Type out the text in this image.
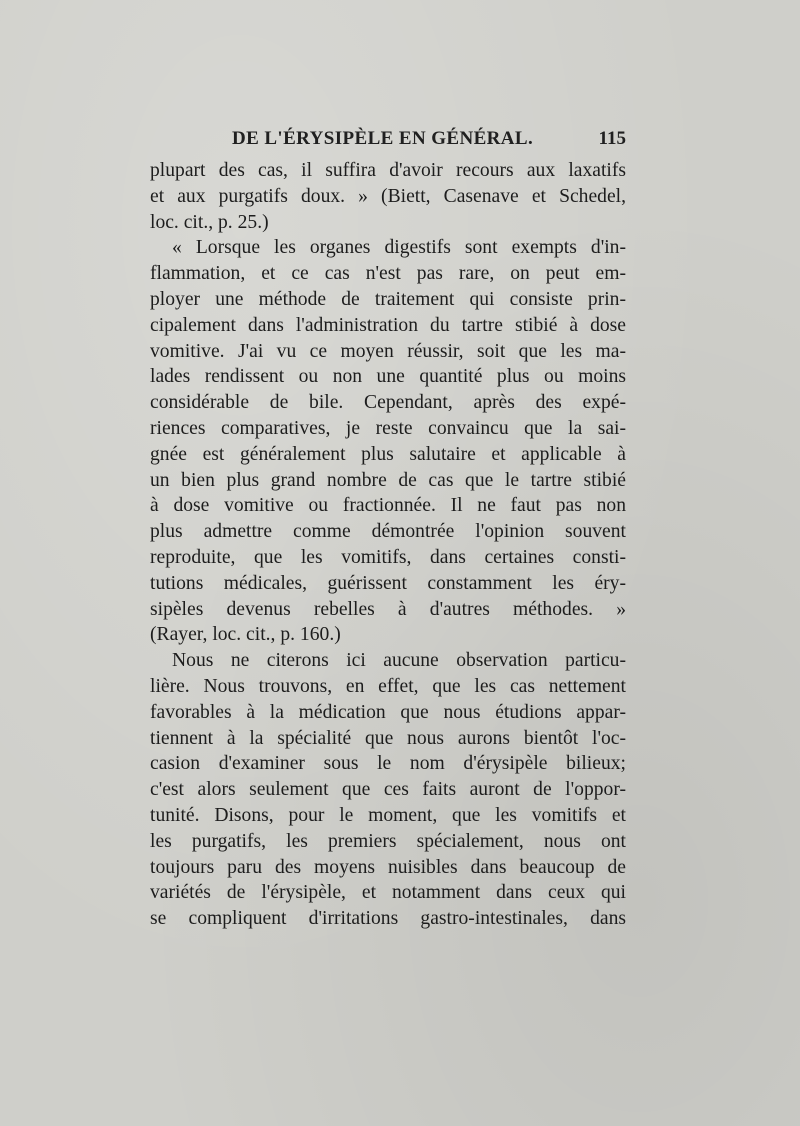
DE L'ÉRYSIPÈLE EN GÉNÉRAL.	115
plupart des cas, il suffira d'avoir recours aux laxatifs
et aux purgatifs doux. » (Biett, Casenave et Schedel,
loc. cit., p. 25.)
« Lorsque les organes digestifs sont exempts d'in-
flammation, et ce cas n'est pas rare, on peut em-
ployer une méthode de traitement qui consiste prin-
cipalement dans l'administration du tartre stibié à dose
vomitive. J'ai vu ce moyen réussir, soit que les ma-
lades rendissent ou non une quantité plus ou moins
considérable de bile. Cependant, après des expé-
riences comparatives, je reste convaincu que la sai-
gnée est généralement plus salutaire et applicable à
un bien plus grand nombre de cas que le tartre stibié
à dose vomitive ou fractionnée. Il ne faut pas non
plus admettre comme démontrée l'opinion souvent
reproduite, que les vomitifs, dans certaines consti-
tutions médicales, guérissent constamment les éry-
sipèles devenus rebelles à d'autres méthodes. »
(Rayer, loc. cit., p. 160.)
Nous ne citerons ici aucune observation particu-
lière. Nous trouvons, en effet, que les cas nettement
favorables à la médication que nous étudions appar-
tiennent à la spécialité que nous aurons bientôt l'oc-
casion d'examiner sous le nom d'érysipèle bilieux;
c'est alors seulement que ces faits auront de l'oppor-
tunité. Disons, pour le moment, que les vomitifs et
les purgatifs, les premiers spécialement, nous ont
toujours paru des moyens nuisibles dans beaucoup de
variétés de l'érysipèle, et notamment dans ceux qui
se compliquent d'irritations gastro-intestinales, dans
